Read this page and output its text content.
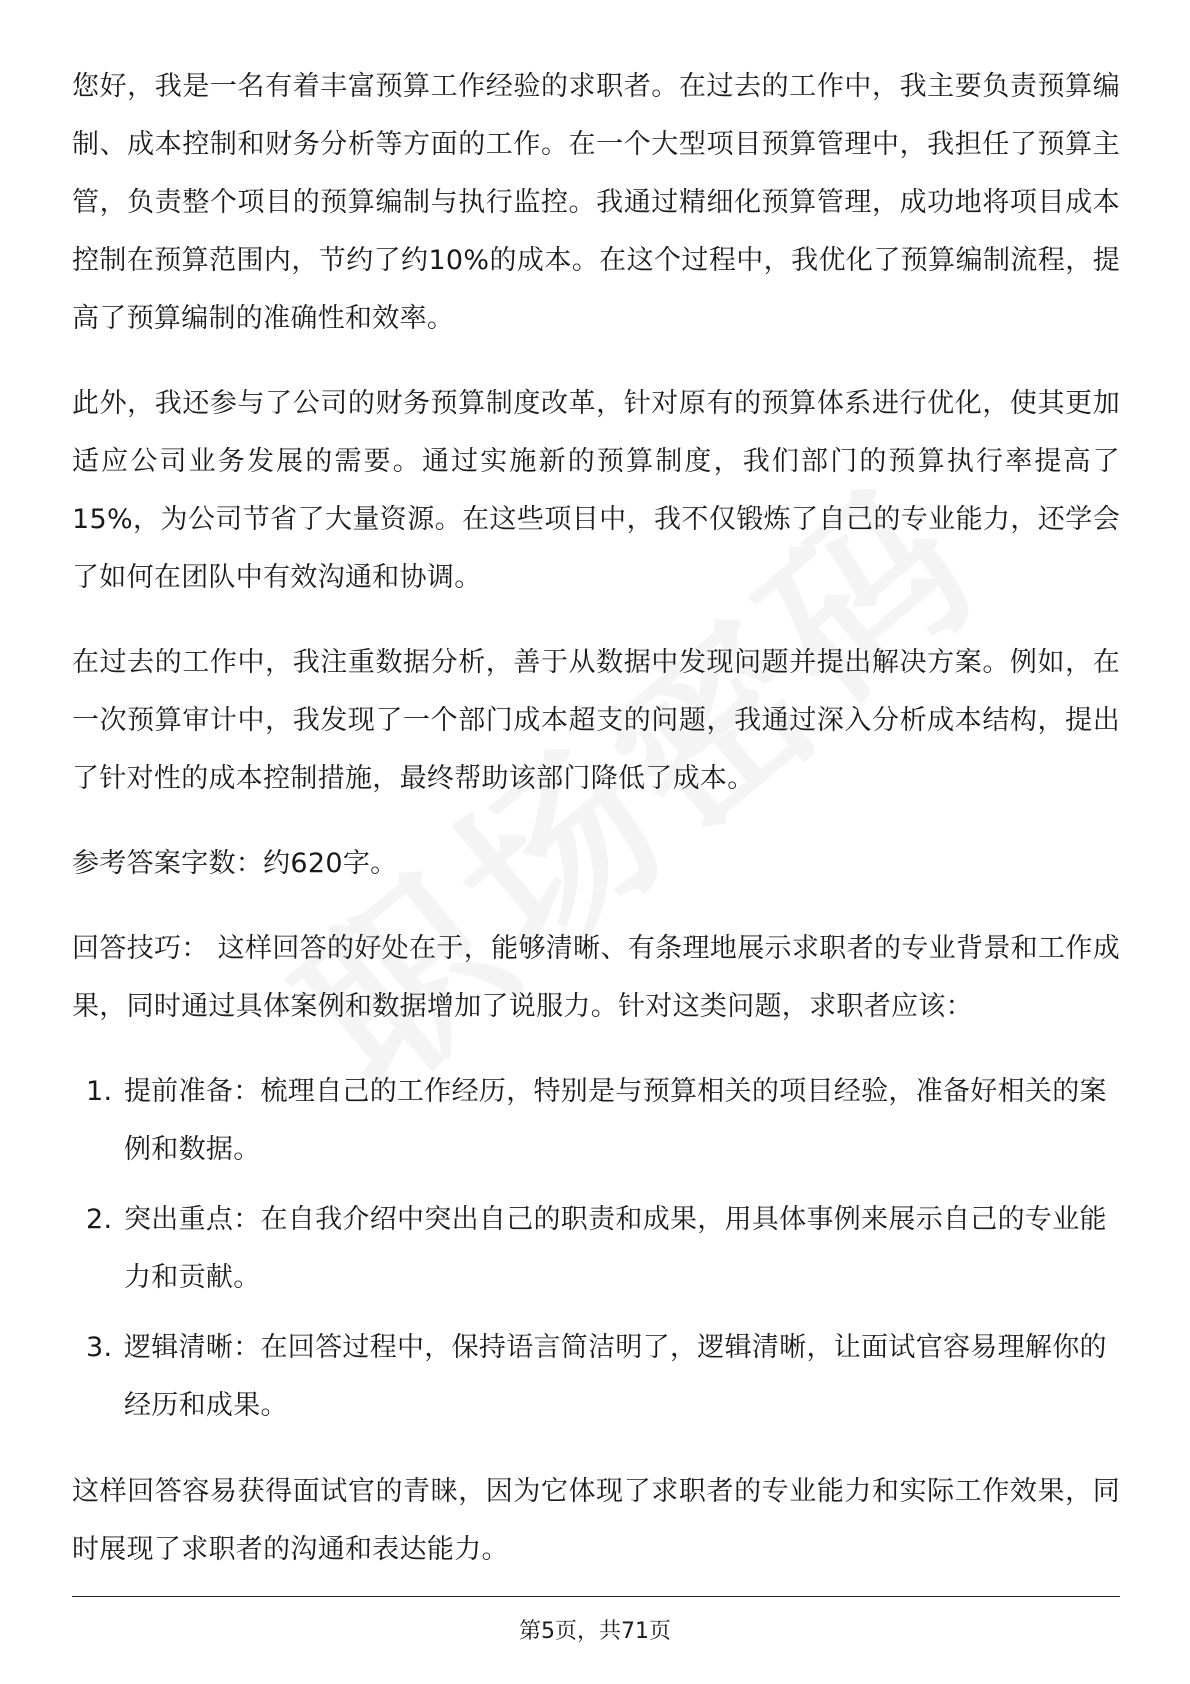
您好，我是一名有着丰富预算工作经验的求职者。在过去的工作中，我主要负责预算编制、成本控制和财务分析等方面的工作。在一个大型项目预算管理中，我担任了预算主管，负责整个项目的预算编制与执行监控。我通过精细化预算管理，成功地将项目成本控制在预算范围内，节约了约10%的成本。在这个过程中，我优化了预算编制流程，提高了预算编制的准确性和效率。

此外，我还参与了公司的财务预算制度改革，针对原有的预算体系进行优化，使其更加适应公司业务发展的需要。通过实施新的预算制度，我们部门的预算执行率提高了15%，为公司节省了大量资源。在这些项目中，我不仅锻炼了自己的专业能力，还学会了如何在团队中有效沟通和协调。

在过去的工作中，我注重数据分析，善于从数据中发现问题并提出解决方案。例如，在一次预算审计中，我发现了一个部门成本超支的问题，我通过深入分析成本结构，提出了针对性的成本控制措施，最终帮助该部门降低了成本。

参考答案字数：约620字。

回答技巧： 这样回答的好处在于，能够清晰、有条理地展示求职者的专业背景和工作成果，同时通过具体案例和数据增加了说服力。针对这类问题，求职者应该：

1. 提前准备：梳理自己的工作经历，特别是与预算相关的项目经验，准备好相关的案例和数据。
2. 突出重点：在自我介绍中突出自己的职责和成果，用具体事例来展示自己的专业能力和贡献。
3. 逻辑清晰：在回答过程中，保持语言简洁明了，逻辑清晰，让面试官容易理解你的经历和成果。

这样回答容易获得面试官的青睐，因为它体现了求职者的专业能力和实际工作效果，同时展现了求职者的沟通和表达能力。

第5页，共71页
